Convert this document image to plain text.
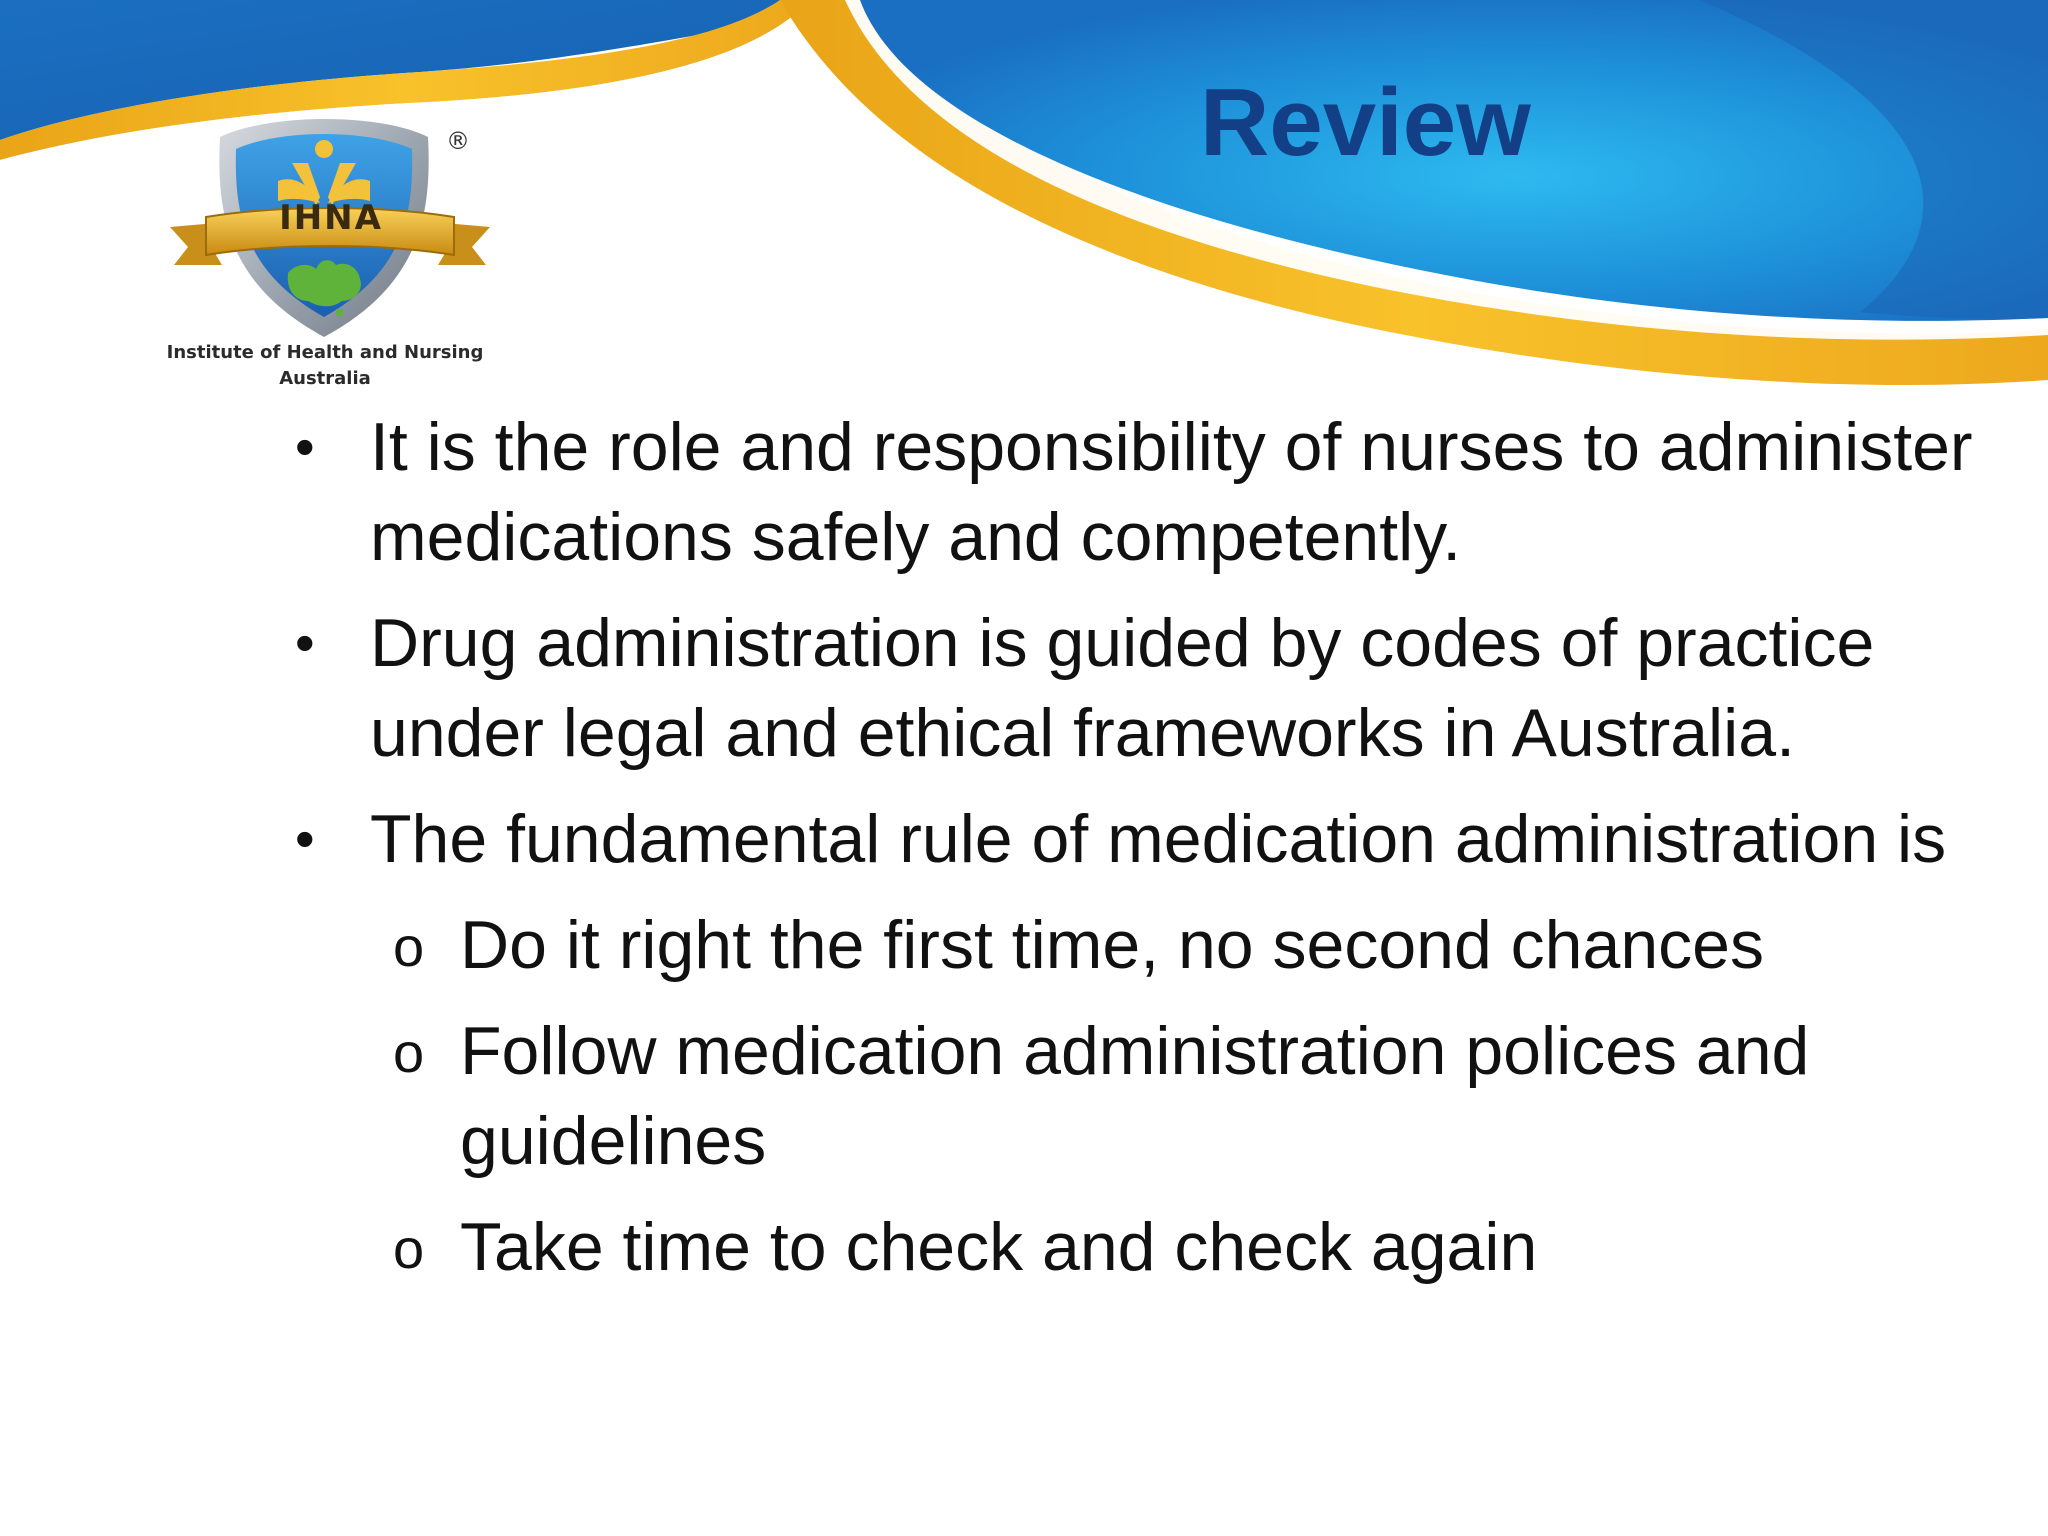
IHNA
®
Institute of Health and Nursing
Australia
Review
• It is the role and responsibility of nurses to administer medications safely and competently.
• Drug administration is guided by codes of practice under legal and ethical frameworks in Australia.
• The fundamental rule of medication administration is
o Do it right the first time, no second chances
o Follow medication administration polices and guidelines
o Take time to check and check again
